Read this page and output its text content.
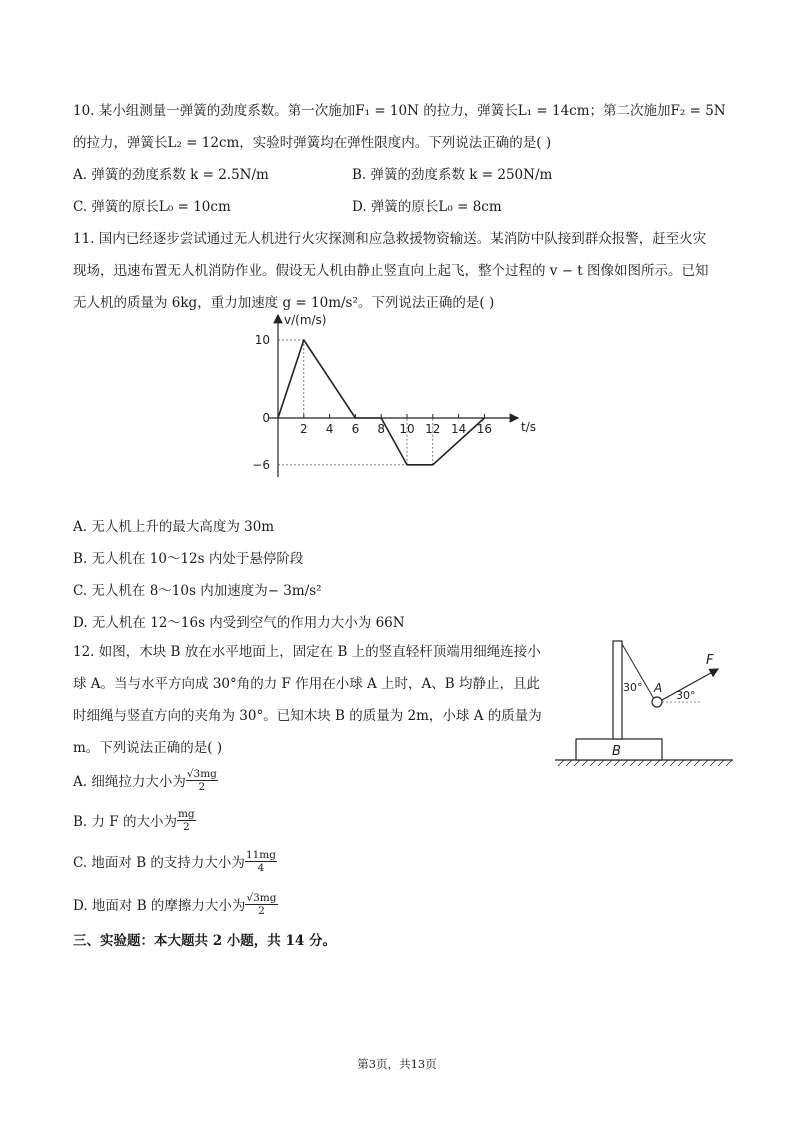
10. 某小组测量一弹簧的劲度系数。第一次施加F₁ = 10N 的拉力，弹簧长L₁ = 14cm；第二次施加F₂ = 5N
的拉力，弹簧长L₂ = 12cm，实验时弹簧均在弹性限度内。下列说法正确的是( )
A. 弹簧的劲度系数 k = 2.5N/m	B. 弹簧的劲度系数 k = 250N/m
C. 弹簧的原长L₀ = 10cm	D. 弹簧的原长L₀ = 8cm
11. 国内已经逐步尝试通过无人机进行火灾探测和应急救援物资输送。某消防中队接到群众报警，赶至火灾
现场，迅速布置无人机消防作业。假设无人机由静止竖直向上起飞，整个过程的 v − t 图像如图所示。已知
无人机的质量为 6kg，重力加速度 g = 10m/s²。下列说法正确的是( )
v/(m/s)
t/s
2 4 6 8 10 12 14 16
10
0
−6
A. 无人机上升的最大高度为 30m
B. 无人机在 10～12s 内处于悬停阶段
C. 无人机在 8～10s 内加速度为− 3m/s²
D. 无人机在 12～16s 内受到空气的作用力大小为 66N
12. 如图，木块 B 放在水平地面上，固定在 B 上的竖直轻杆顶端用细绳连接小
球 A。当与水平方向成 30°角的力 F 作用在小球 A 上时，A、B 均静止，且此
时细绳与竖直方向的夹角为 30°。已知木块 B 的质量为 2m，小球 A 的质量为
m。下列说法正确的是( )
A. 细绳拉力大小为 $\frac{√3mg}{2}$
B. 力 F 的大小为 $\frac{mg}{2}$
C. 地面对 B 的支持力大小为 $\frac{11mg}{4}$
D. 地面对 B 的摩擦力大小为 $\frac{√3mg}{2}$
B
30° A
F
30°
三、实验题：本大题共 2 小题，共 14 分。
第3页，共13页
